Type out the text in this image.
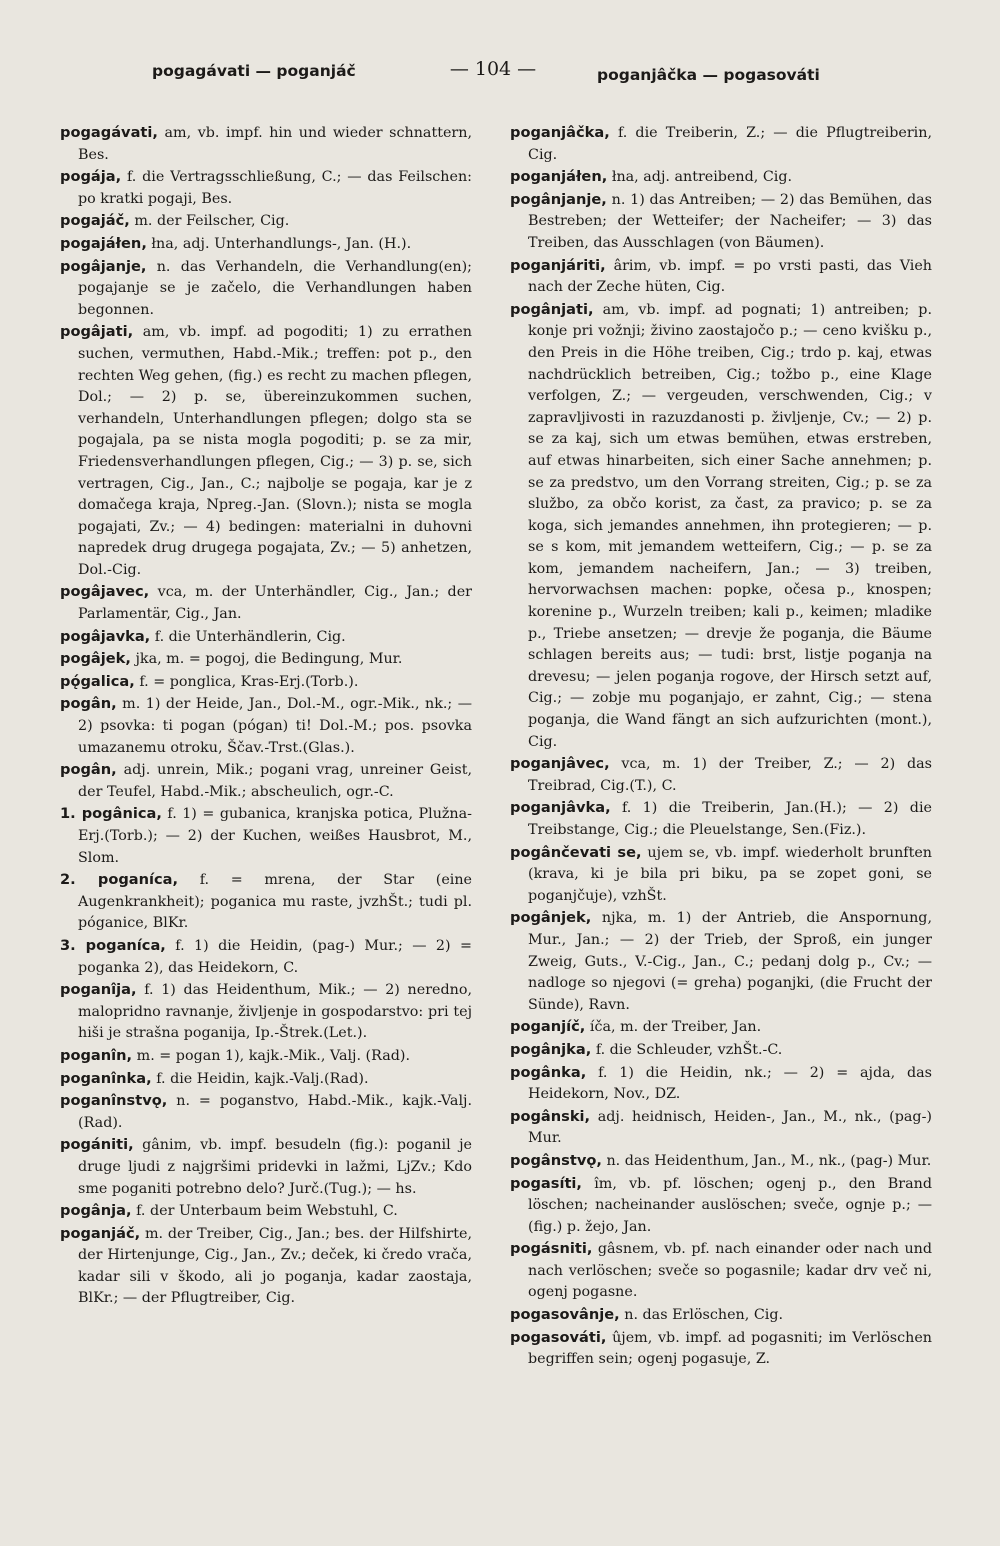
pogagávati — poganjáč	— 104 —	poganjâčka — pogasováti

pogagávati, am, vb. impf. hin und wieder schnattern, Bes.

pogája, f. die Vertragsschließung, C.; — das Feilschen: po kratki pogaji, Bes.

pogajáč, m. der Feilscher, Cig.

pogajáłen, łna, adj. Unterhandlungs-, Jan. (H.).

pogâjanje, n. das Verhandeln, die Verhandlung(en); pogajanje se je začelo, die Verhandlungen haben begonnen.

pogâjati, am, vb. impf. ad pogoditi; 1) zu errathen suchen, vermuthen, Habd.-Mik.; treffen: pot p., den rechten Weg gehen, (fig.) es recht zu machen pflegen, Dol.; — 2) p. se, übereinzukommen suchen, verhandeln, Unterhandlungen pflegen; dolgo sta se pogajala, pa se nista mogla pogoditi; p. se za mir, Friedensverhandlungen pflegen, Cig.; — 3) p. se, sich vertragen, Cig., Jan., C.; najbolje se pogaja, kar je z domačega kraja, Npreg.-Jan. (Slovn.); nista se mogla pogajati, Zv.; — 4) bedingen: materialni in duhovni napredek drug drugega pogajata, Zv.; — 5) anhetzen, Dol.-Cig.

pogâjavec, vca, m. der Unterhändler, Cig., Jan.; der Parlamentär, Cig., Jan.

pogâjavka, f. die Unterhändlerin, Cig.

pogâjek, jka, m. = pogoj, die Bedingung, Mur.

pǫ́galica, f. = ponglica, Kras-Erj.(Torb.).

pogân, m. 1) der Heide, Jan., Dol.-M., ogr.-Mik., nk.; — 2) psovka: ti pogan (pógan) ti! Dol.-M.; pos. psovka umazanemu otroku, Ščav.-Trst.(Glas.).

pogân, adj. unrein, Mik.; pogani vrag, unreiner Geist, der Teufel, Habd.-Mik.; abscheulich, ogr.-C.

1. pogânica, f. 1) = gubanica, kranjska potica, Plužna-Erj.(Torb.); — 2) der Kuchen, weißes Hausbrot, M., Slom.

2. poganíca, f. = mrena, der Star (eine Augenkrankheit); poganica mu raste, jvzhŠt.; tudi pl. póganice, BlKr.

3. poganíca, f. 1) die Heidin, (pag-) Mur.; — 2) = poganka 2), das Heidekorn, C.

poganîja, f. 1) das Heidenthum, Mik.; — 2) neredno, malopridno ravnanje, življenje in gospodarstvo: pri tej hiši je strašna poganija, Ip.-Štrek.(Let.).

poganîn, m. = pogan 1), kajk.-Mik., Valj. (Rad).

poganînka, f. die Heidin, kajk.-Valj.(Rad).

poganînstvǫ, n. = poganstvo, Habd.-Mik., kajk.-Valj.(Rad).

pogániti, gânim, vb. impf. besudeln (fig.): poganil je druge ljudi z najgršimi pridevki in lažmi, LjZv.; Kdo sme poganiti potrebno delo? Jurč.(Tug.); — hs.

pogânja, f. der Unterbaum beim Webstuhl, C.

poganjáč, m. der Treiber, Cig., Jan.; bes. der Hilfshirte, der Hirtenjunge, Cig., Jan., Zv.; deček, ki čredo vrača, kadar sili v škodo, ali jo poganja, kadar zaostaja, BlKr.; — der Pflugtreiber, Cig.

poganjâčka, f. die Treiberin, Z.; — die Pflugtreiberin, Cig.

poganjáłen, łna, adj. antreibend, Cig.

pogânjanje, n. 1) das Antreiben; — 2) das Bemühen, das Bestreben; der Wetteifer; der Nacheifer; — 3) das Treiben, das Ausschlagen (von Bäumen).

poganjáriti, ârim, vb. impf. = po vrsti pasti, das Vieh nach der Zeche hüten, Cig.

pogânjati, am, vb. impf. ad pognati; 1) antreiben; p. konje pri vožnji; živino zaostajočo p.; — ceno kvišku p., den Preis in die Höhe treiben, Cig.; trdo p. kaj, etwas nachdrücklich betreiben, Cig.; tožbo p., eine Klage verfolgen, Z.; — vergeuden, verschwenden, Cig.; v zapravljivosti in razuzdanosti p. življenje, Cv.; — 2) p. se za kaj, sich um etwas bemühen, etwas erstreben, auf etwas hinarbeiten, sich einer Sache annehmen; p. se za predstvo, um den Vorrang streiten, Cig.; p. se za službo, za občo korist, za čast, za pravico; p. se za koga, sich jemandes annehmen, ihn protegieren; — p. se s kom, mit jemandem wetteifern, Cig.; — p. se za kom, jemandem nacheifern, Jan.; — 3) treiben, hervorwachsen machen: popke, očesa p., knospen; korenine p., Wurzeln treiben; kali p., keimen; mladike p., Triebe ansetzen; — drevje že poganja, die Bäume schlagen bereits aus; — tudi: brst, listje poganja na drevesu; — jelen poganja rogove, der Hirsch setzt auf, Cig.; — zobje mu poganjajo, er zahnt, Cig.; — stena poganja, die Wand fängt an sich aufzurichten (mont.), Cig.

poganjâvec, vca, m. 1) der Treiber, Z.; — 2) das Treibrad, Cig.(T.), C.

poganjâvka, f. 1) die Treiberin, Jan.(H.); — 2) die Treibstange, Cig.; die Pleuelstange, Sen.(Fiz.).

pogânčevati se, ujem se, vb. impf. wiederholt brunften (krava, ki je bila pri biku, pa se zopet goni, se poganjčuje), vzhŠt.

pogânjek, njka, m. 1) der Antrieb, die Anspornung, Mur., Jan.; — 2) der Trieb, der Sproß, ein junger Zweig, Guts., V.-Cig., Jan., C.; pedanj dolg p., Cv.; — nadloge so njegovi (= greha) poganjki, (die Frucht der Sünde), Ravn.

poganjíč, íča, m. der Treiber, Jan.

pogânjka, f. die Schleuder, vzhŠt.-C.

pogânka, f. 1) die Heidin, nk.; — 2) = ajda, das Heidekorn, Nov., DZ.

pogânski, adj. heidnisch, Heiden-, Jan., M., nk., (pag-) Mur.

pogânstvǫ, n. das Heidenthum, Jan., M., nk., (pag-) Mur.

pogasíti, îm, vb. pf. löschen; ogenj p., den Brand löschen; nacheinander auslöschen; sveče, ognje p.; — (fig.) p. žejo, Jan.

pogásniti, gâsnem, vb. pf. nach einander oder nach und nach verlöschen; sveče so pogasnile; kadar drv več ni, ogenj pogasne.

pogasovânje, n. das Erlöschen, Cig.

pogasováti, ûjem, vb. impf. ad pogasniti; im Verlöschen begriffen sein; ogenj pogasuje, Z.
